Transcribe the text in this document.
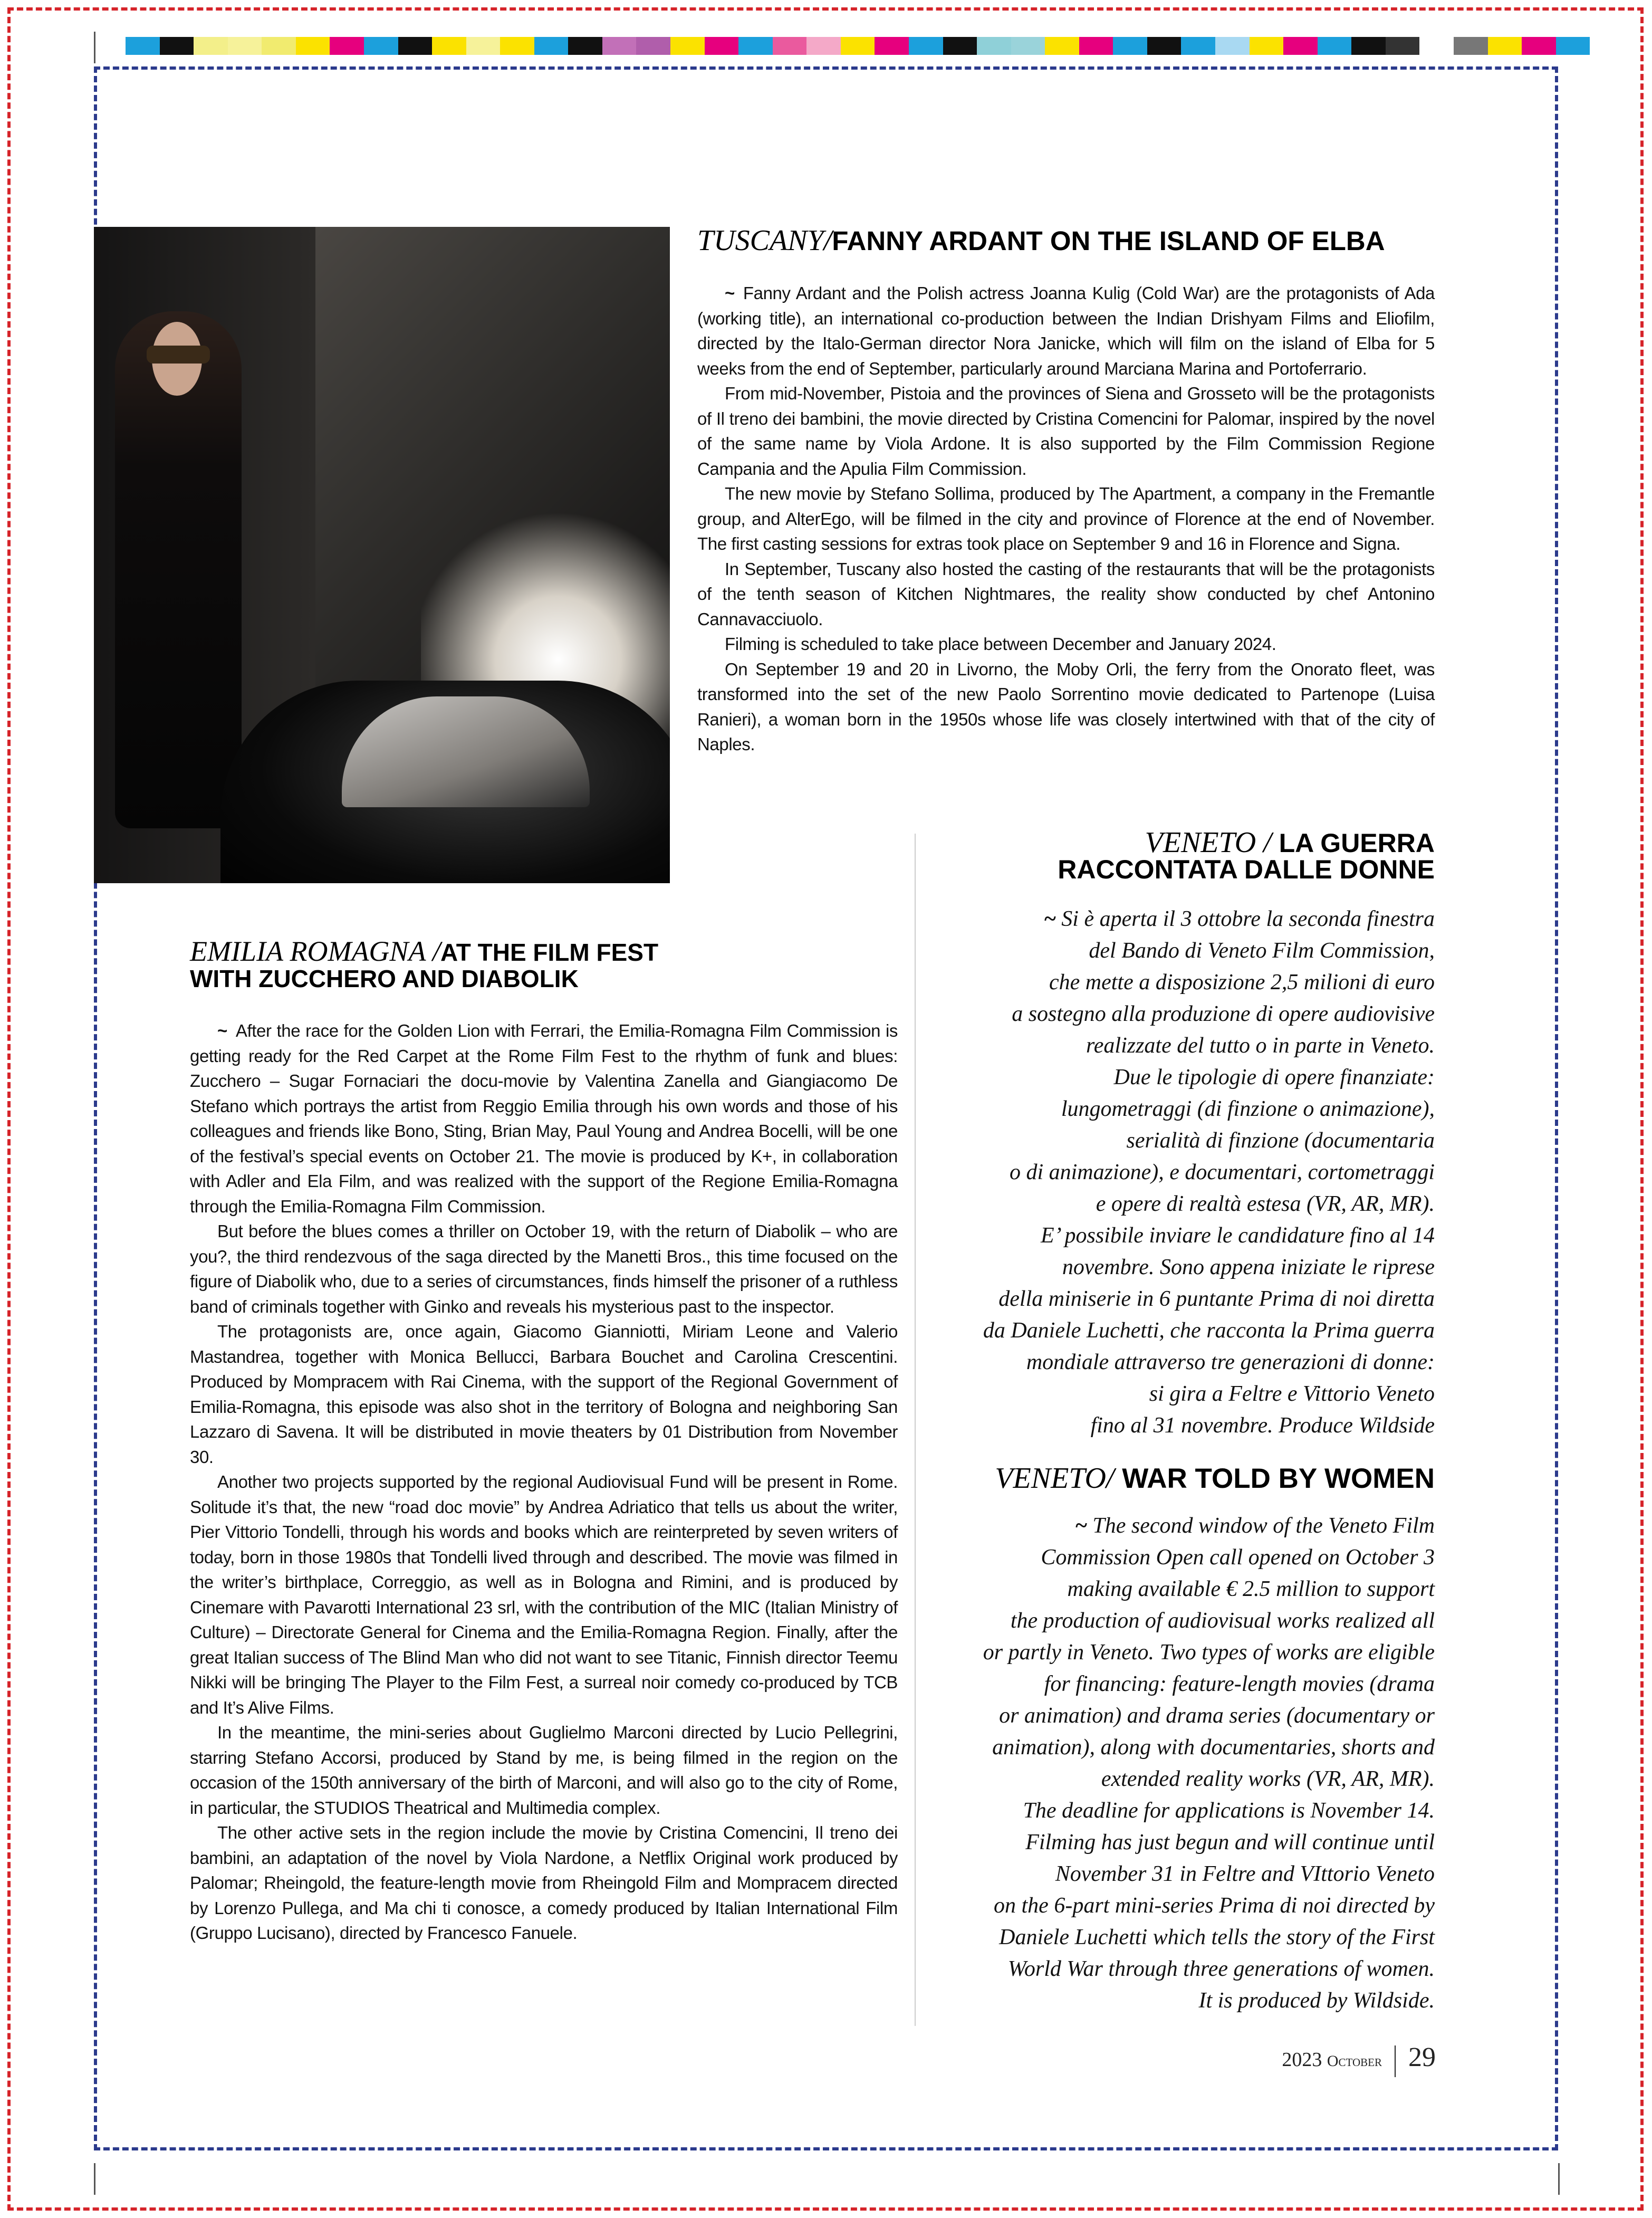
TUSCANY/FANNY ARDANT ON THE ISLAND OF ELBA

~ Fanny Ardant and the Polish actress Joanna Kulig (Cold War) are the protagonists of Ada (working title), an international co-production between the Indian Drishyam Films and Eliofilm, directed by the Italo-German director Nora Janicke, which will film on the island of Elba for 5 weeks from the end of September, particularly around Marciana Marina and Portoferrario.

From mid-November, Pistoia and the provinces of Siena and Grosseto will be the protagonists of Il treno dei bambini, the movie directed by Cristina Comencini for Palomar, inspired by the novel of the same name by Viola Ardone. It is also supported by the Film Commission Regione Campania and the Apulia Film Commission.

The new movie by Stefano Sollima, produced by The Apartment, a company in the Fremantle group, and AlterEgo, will be filmed in the city and province of Florence at the end of November. The first casting sessions for extras took place on September 9 and 16 in Florence and Signa.

In September, Tuscany also hosted the casting of the restaurants that will be the protagonists of the tenth season of Kitchen Nightmares, the reality show conducted by chef Antonino Cannavacciuolo.

Filming is scheduled to take place between December and January 2024.

On September 19 and 20 in Livorno, the Moby Orli, the ferry from the Onorato fleet, was transformed into the set of the new Paolo Sorrentino movie dedicated to Partenope (Luisa Ranieri), a woman born in the 1950s whose life was closely intertwined with that of the city of Naples.

EMILIA ROMAGNA /AT THE FILM FEST
WITH ZUCCHERO AND DIABOLIK

~ After the race for the Golden Lion with Ferrari, the Emilia-Romagna Film Commission is getting ready for the Red Carpet at the Rome Film Fest to the rhythm of funk and blues: Zucchero – Sugar Fornaciari the docu-movie by Valentina Zanella and Giangiacomo De Stefano which portrays the artist from Reggio Emilia through his own words and those of his colleagues and friends like Bono, Sting, Brian May, Paul Young and Andrea Bocelli, will be one of the festival’s special events on October 21. The movie is produced by K+, in collaboration with Adler and Ela Film, and was realized with the support of the Regione Emilia-Romagna through the Emilia-Romagna Film Commission.

But before the blues comes a thriller on October 19, with the return of Diabolik – who are you?, the third rendezvous of the saga directed by the Manetti Bros., this time focused on the figure of Diabolik who, due to a series of circumstances, finds himself the prisoner of a ruthless band of criminals together with Ginko and reveals his mysterious past to the inspector.

The protagonists are, once again, Giacomo Gianniotti, Miriam Leone and Valerio Mastandrea, together with Monica Bellucci, Barbara Bouchet and Carolina Crescentini. Produced by Mompracem with Rai Cinema, with the support of the Regional Government of Emilia-Romagna, this episode was also shot in the territory of Bologna and neighboring San Lazzaro di Savena. It will be distributed in movie theaters by 01 Distribution from November 30.

Another two projects supported by the regional Audiovisual Fund will be present in Rome. Solitude it’s that, the new “road doc movie” by Andrea Adriatico that tells us about the writer, Pier Vittorio Tondelli, through his words and books which are reinterpreted by seven writers of today, born in those 1980s that Tondelli lived through and described. The movie was filmed in the writer’s birthplace, Correggio, as well as in Bologna and Rimini, and is produced by Cinemare with Pavarotti International 23 srl, with the contribution of the MIC (Italian Ministry of Culture) – Directorate General for Cinema and the Emilia-Romagna Region. Finally, after the great Italian success of The Blind Man who did not want to see Titanic, Finnish director Teemu Nikki will be bringing The Player to the Film Fest, a surreal noir comedy co-produced by TCB and It’s Alive Films.

In the meantime, the mini-series about Guglielmo Marconi directed by Lucio Pellegrini, starring Stefano Accorsi, produced by Stand by me, is being filmed in the region on the occasion of the 150th anniversary of the birth of Marconi, and will also go to the city of Rome, in particular, the STUDIOS Theatrical and Multimedia complex.

The other active sets in the region include the movie by Cristina Comencini, Il treno dei bambini, an adaptation of the novel by Viola Nardone, a Netflix Original work produced by Palomar; Rheingold, the feature-length movie from Rheingold Film and Mompracem directed by Lorenzo Pullega, and Ma chi ti conosce, a comedy produced by Italian International Film (Gruppo Lucisano), directed by Francesco Fanuele.

VENETO / LA GUERRA
RACCONTATA DALLE DONNE

~ Si è aperta il 3 ottobre la seconda finestra

del Bando di Veneto Film Commission,

che mette a disposizione 2,5 milioni di euro

a sostegno alla produzione di opere audiovisive

realizzate del tutto o in parte in Veneto.

Due le tipologie di opere finanziate:

lungometraggi (di finzione o animazione),

serialità di finzione (documentaria

o di animazione), e documentari, cortometraggi

e opere di realtà estesa (VR, AR, MR).

E’ possibile inviare le candidature fino al 14

novembre. Sono appena iniziate le riprese

della miniserie in 6 puntante Prima di noi diretta

da Daniele Luchetti, che racconta la Prima guerra

mondiale attraverso tre generazioni di donne:

si gira a Feltre e Vittorio Veneto

fino al 31 novembre. Produce Wildside

VENETO/ WAR TOLD BY WOMEN

~ The second window of the Veneto Film

Commission Open call opened on October 3

making available € 2.5 million to support

the production of audiovisual works realized all

or partly in Veneto. Two types of works are eligible

for financing: feature-length movies (drama

or animation) and drama series (documentary or

animation), along with documentaries, shorts and

extended reality works (VR, AR, MR).

The deadline for applications is November 14.

Filming has just begun and will continue until

November 31 in Feltre and VIttorio Veneto

on the 6-part mini-series Prima di noi directed by

Daniele Luchetti which tells the story of the First

World War through three generations of women.

It is produced by Wildside.

2023 October 29
